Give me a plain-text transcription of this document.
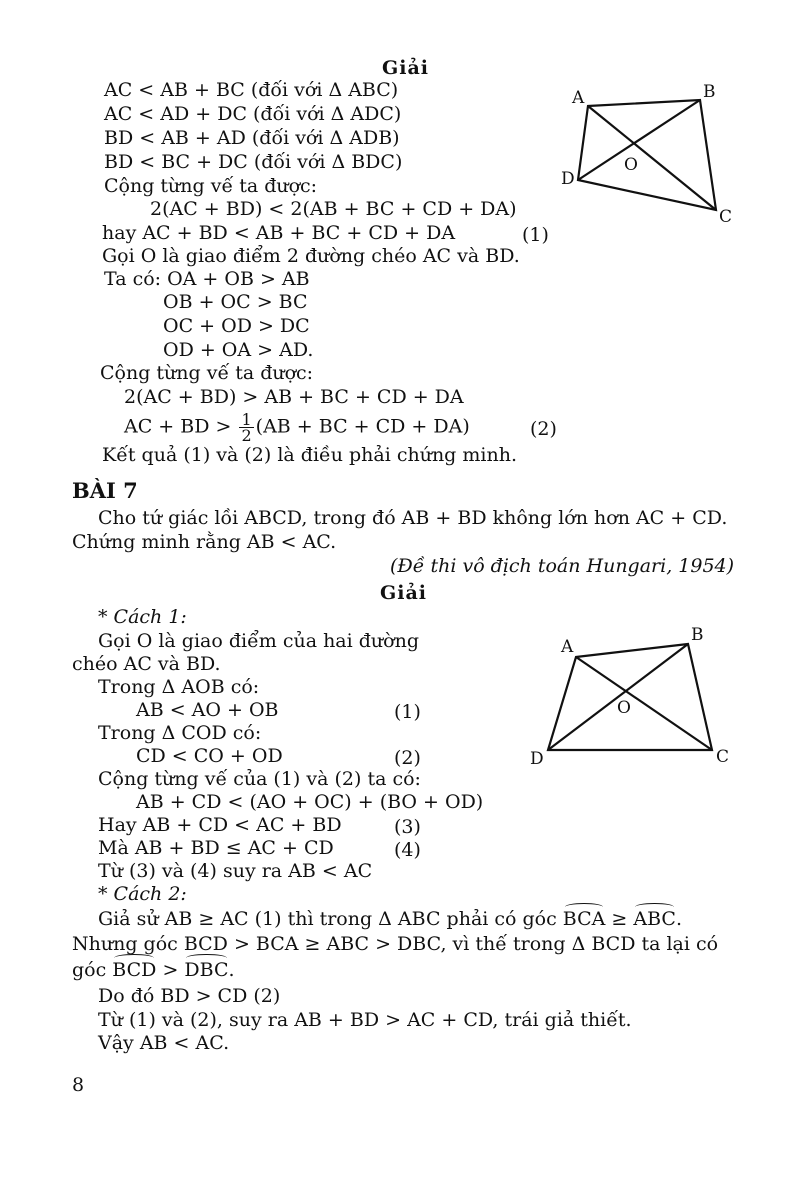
Giải
AC < AB + BC (đối với Δ ABC)
AC < AD + DC (đối với Δ ADC)
BD < AB + AD (đối với Δ ADB)
BD < BC + DC (đối với Δ BDC)
Cộng từng vế ta được:
2(AC + BD) < 2(AB + BC + CD + DA)
hay AC + BD < AB + BC + CD + DA	(1)
Gọi O là giao điểm 2 đường chéo AC và BD.
Ta có: OA + OB > AB
OB + OC > BC
OC + OD > DC
OD + OA > AD.
Cộng từng vế ta được:
2(AC + BD) > AB + BC + CD + DA
AC + BD > $\frac{1}{2} (AB$ + BC + CD + DA)	(2)
Kết quả (1) và (2) là điều phải chứng minh.
A	B
C
D
O
BÀI 7
Cho tứ giác lồi ABCD, trong đó AB + BD không lớn hơn AC + CD.
Chứng minh rằng AB < AC.
(Đề thi vô địch toán Hungari, 1954)
Giải
* Cách 1:
Gọi O là giao điểm của hai đường
chéo AC và BD.
Trong Δ AOB có:
AB < AO + OB	(1)
Trong Δ COD có:
CD < CO + OD	(2)
Cộng từng vế của (1) và (2) ta có:
AB + CD < (AO + OC) + (BO + OD)
Hay AB + CD < AC + BD	(3)
Mà AB + BD ≤ AC + CD	(4)
Từ (3) và (4) suy ra AB < AC
* Cách 2:
Giả sử AB ≥ AC (1) thì trong Δ ABC phải có góc BCA ≥ ABC.
Nhưng góc BCD > BCA ≥ ABC > DBC, vì thế trong Δ BCD ta lại có
góc BCD > DBC.
Do đó BD > CD (2)
Từ (1) và (2), suy ra AB + BD > AC + CD, trái giả thiết.
Vậy AB < AC.
A
B
C
D
O
8
